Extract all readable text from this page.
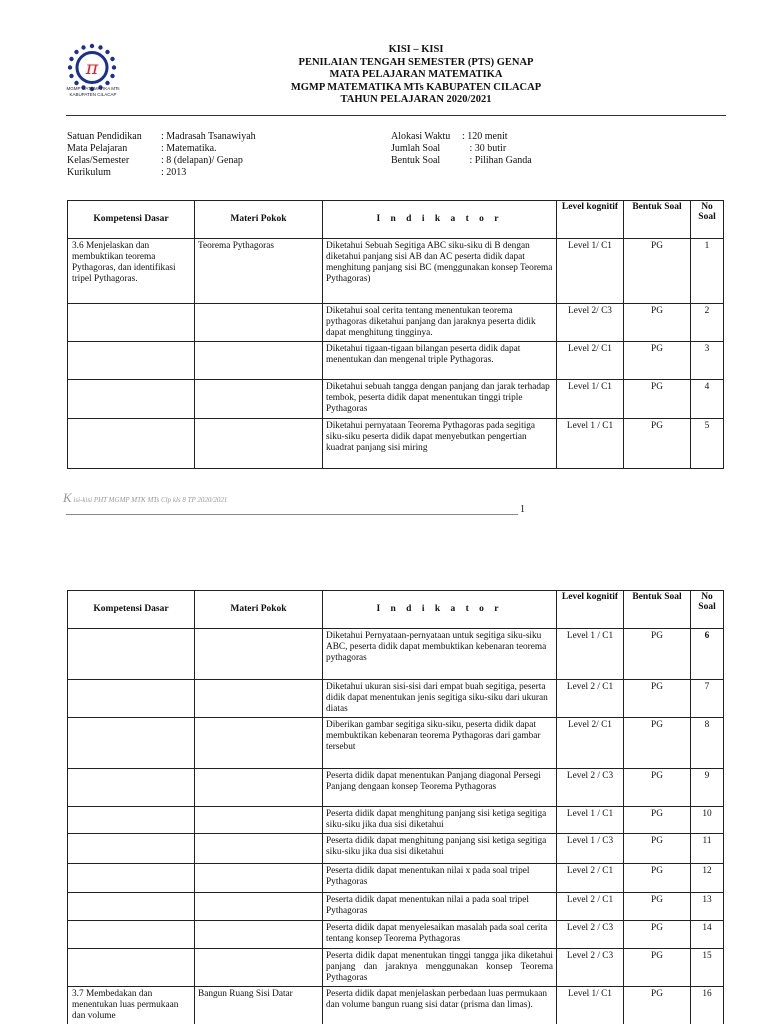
π
MGMP MATEMATIKA MTs KABUPATEN CILACAP
KISI – KISI
PENILAIAN TENGAH SEMESTER (PTS) GENAP
MATA PELAJARAN MATEMATIKA
MGMP MATEMATIKA MTs KABUPATEN CILACAP
TAHUN PELAJARAN 2020/2021
Satuan Pendidikan	: Madrasah Tsanawiyah
Mata Pelajaran	: Matematika.
Kelas/Semester	: 8 (delapan)/ Genap
Kurikulum	: 2013
Alokasi Waktu	: 120 menit
Jumlah Soal	: 30 butir
Bentuk Soal	: Pilihan Ganda
Kompetensi Dasar	Materi Pokok	I n d i k a t o r	Level kognitif	Bentuk Soal	No Soal
3.6 Menjelaskan dan membuktikan teorema Pythagoras, dan identifikasi tripel Pythagoras.	Teorema Pythagoras	Diketahui Sebuah Segitiga ABC siku-siku di B dengan diketahui panjang sisi AB dan AC peserta didik dapat menghitung panjang sisi BC (menggunakan konsep Teorema Pythagoras)	Level 1/ C1	PG	1
		Diketahui soal cerita tentang menentukan teorema pythagoras diketahui panjang dan jaraknya peserta didik dapat menghitung tingginya.	Level 2/ C3	PG	2
		Diketahui tigaan-tigaan bilangan peserta didik dapat menentukan dan mengenal triple Pythagoras.	Level 2/ C1	PG	3
		Diketahui sebuah tangga dengan panjang dan jarak terhadap tembok, peserta didik dapat menentukan tinggi triple Pythagoras	Level 1/ C1	PG	4
		Diketahui pernyataan Teorema Pythagoras pada segitiga siku-siku peserta didik dapat menyebutkan pengertian kuadrat panjang sisi miring	Level 1 / C1	PG	5
K isi-kisi PHT MGMP MTK MTs Clp kls 8 TP 2020/2021
1
Kompetensi Dasar	Materi Pokok	I n d i k a t o r	Level kognitif	Bentuk Soal	No Soal
		Diketahui Pernyataan-pernyataan untuk segitiga siku-siku ABC, peserta didik dapat membuktikan kebenaran teorema pythagoras	Level 1 / C1	PG	6
		Diketahui ukuran sisi-sisi dari empat buah segitiga, peserta didik dapat menentukan jenis segitiga siku-siku dari ukuran diatas	Level 2 / C1	PG	7
		Diberikan gambar segitiga siku-siku, peserta didik dapat membuktikan kebenaran teorema Pythagoras dari gambar tersebut	Level 2/ C1	PG	8
		Peserta didik dapat menentukan Panjang diagonal Persegi Panjang dengaan konsep Teorema Pythagoras	Level 2 / C3	PG	9
		Peserta didik dapat menghitung panjang sisi ketiga segitiga siku-siku jika dua sisi diketahui	Level 1 / C1	PG	10
		Peserta didik dapat menghitung panjang sisi ketiga segitiga siku-siku jika dua sisi diketahui	Level 1 / C3	PG	11
		Peserta didik dapat menentukan nilai x pada soal tripel Pythagoras	Level 2 / C1	PG	12
		Peserta didik dapat menentukan nilai a pada soal tripel Pythagoras	Level 2 / C1	PG	13
		Peserta didik dapat menyelesaikan masalah pada soal cerita tentang konsep Teorema Pythagoras	Level 2 / C3	PG	14
		Peserta didik dapat menentukan tinggi tangga jika diketahui panjang dan jaraknya menggunakan konsep Teorema Pythagoras	Level 2 / C3	PG	15
3.7 Membedakan dan menentukan luas permukaan dan volume	Bangun Ruang Sisi Datar	Peserta didik dapat menjelaskan perbedaan luas permukaan dan volume bangun ruang sisi datar (prisma dan limas).	Level 1/ C1	PG	16
